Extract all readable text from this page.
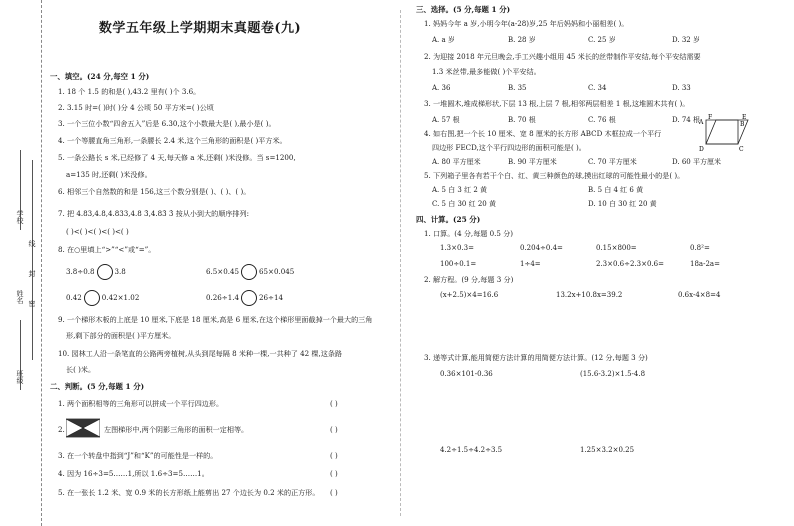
学校
姓名
班级
线
封
密
数学五年级上学期期末真题卷(九)
一、填空。(24 分,每空 1 分)
1. 18 个 1.5 的和是( ),43.2 里有( )个 3.6。
2. 3.15 时=( )时( )分 4 公顷 50 平方米=( )公顷
3. 一个三位小数“四舍五入”后是 6.30,这个小数最大是( ),最小是( )。
4. 一个等腰直角三角形,一条腰长 2.4 米,这个三角形的面积是( )平方米。
5. 一条公路长 s 米,已经修了 4 天,每天修 a 米,还剩( )米没修。当 s=1200,
a=135 时,还剩( )米没修。
6. 相邻三个自然数的和是 156,这三个数分别是( )、( )、( )。
7. 把 4.83,4.8,4.833,4.8 3̇,4.83̇ 3̇ 按从小到大的顺序排列:
( )<( )<( )<( )<( )
8. 在○里填上“>”“<”或“=”。
3.8÷0.8	3.8	6.5×0.45	65×0.045
0.42	0.42×1.02	0.26÷1.4	26÷14
9. 一个梯形木板的上底是 10 厘米,下底是 18 厘米,高是 6 厘米,在这个梯形里面截掉一个最大的三角
形,剩下部分的面积是( )平方厘米。
10. 园林工人沿一条笔直的公路两旁植树,从头到尾每隔 8 米种一棵,一共种了 42 棵,这条路
长( )米。
二、判断。(5 分,每题 1 分)
1. 两个面积相等的三角形可以拼成一个平行四边形。	( )
2.	左图梯形中,两个阴影三角形的面积一定相等。	( )
3. 在一个转盘中指到“J”和“K”的可能性是一样的。	( )
4. 因为 16÷3=5……1,所以 1.6÷3=5……1。	( )
5. 在一张长 1.2 米、宽 0.9 米的长方形纸上能剪出 27 个边长为 0.2 米的正方形。 ( )
三、选择。(5 分,每题 1 分)
1. 妈妈今年 a 岁,小明今年(a-28)岁,25 年后妈妈和小丽相差( )。
A. a 岁	B. 28 岁	C. 25 岁	D. 32 岁
2. 为迎接 2018 年元旦晚会,手工兴趣小组用 45 米长的丝带制作平安结,每个平安结需要
1.3 米丝带,最多能做( )个平安结。
A. 36	B. 35	C. 34	D. 33
3. 一堆圆木,堆成梯形状,下层 13 根,上层 7 根,相邻两层相差 1 根,这堆圆木共有( )。
A. 57 根	B. 70 根	C. 76 根	D. 74 根
4. 如右图,把一个长 10 厘米、宽 8 厘米的长方形 ABCD 木框拉成一个平行
四边形 FECD,这个平行四边形的面积可能是( )。
A. 80 平方厘米	B. 90 平方厘米	C. 70 平方厘米	D. 60 平方厘米
F	E
A	B
D	C
5. 下列箱子里各有若干个白、红、黄三种颜色的球,摸出红球的可能性最小的是( )。
A. 5 白 3 红 2 黄	B. 5 白 4 红 6 黄
C. 5 白 30 红 20 黄	D. 10 白 30 红 20 黄
四、计算。(25 分)
1. 口算。(4 分,每题 0.5 分)
1.3×0.3=	0.204÷0.4=	0.15×800=	0.8²=
100÷0.1=	1÷4=	2.3×0.6÷2.3×0.6=	18a-2a=
2. 解方程。(9 分,每题 3 分)
(x+2.5)×4=16.6	13.2x+10.8x=39.2	0.6x-4×8=4
3. 递等式计算,能用简便方法计算的用简便方法计算。(12 分,每题 3 分)
0.36×101-0.36	(15.6-3.2)×1.5-4.8
4.2÷1.5÷4.2÷3.5	1.25×3.2×0.25
